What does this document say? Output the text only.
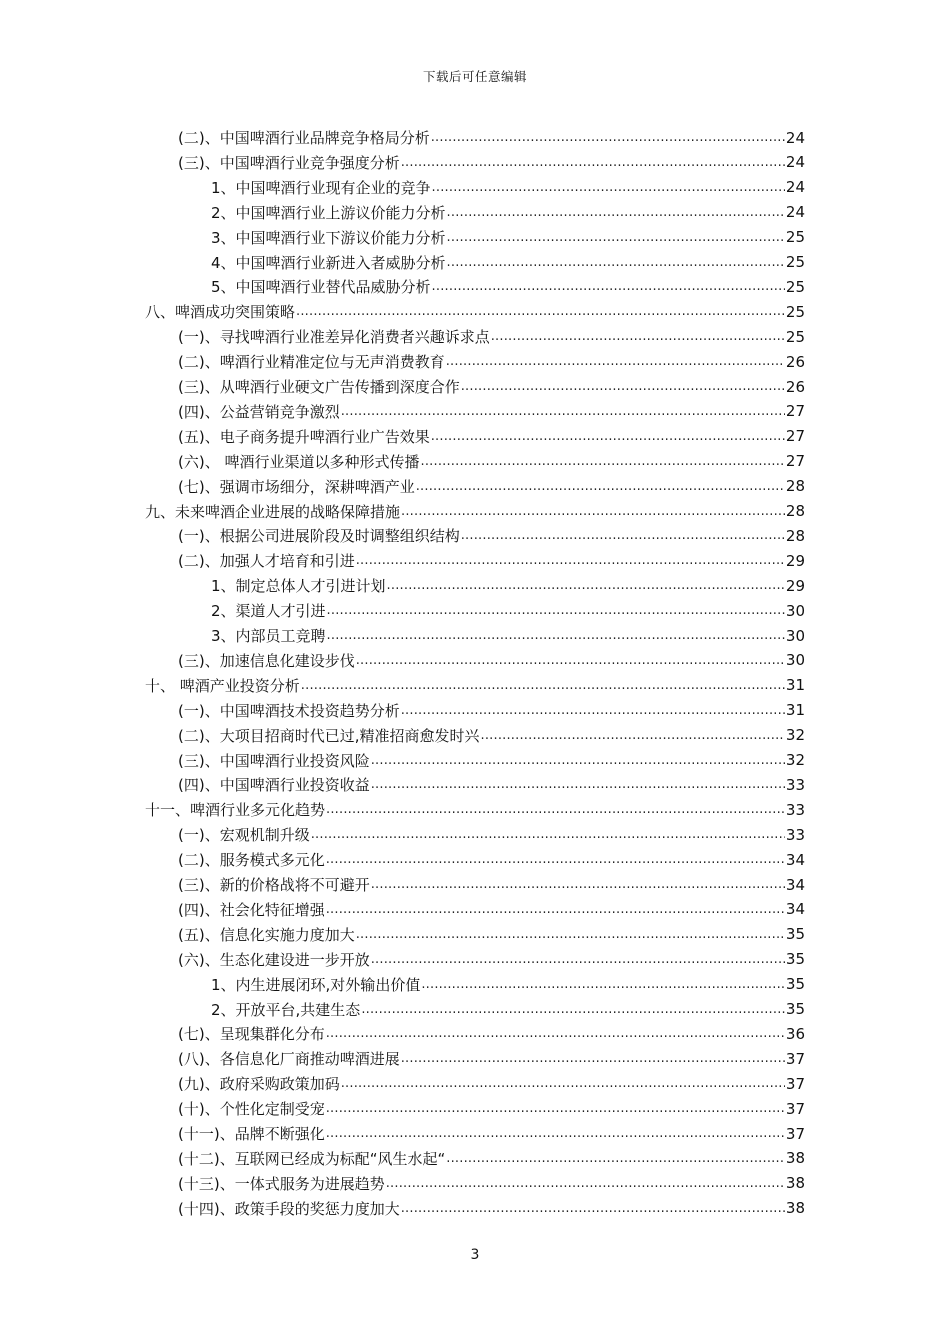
下载后可任意编辑
(二)、中国啤酒行业品牌竞争格局分析 .....	24
(三)、中国啤酒行业竞争强度分析 .....	24
1、中国啤酒行业现有企业的竞争 .....	24
2、中国啤酒行业上游议价能力分析 .....	24
3、中国啤酒行业下游议价能力分析 .....	25
4、中国啤酒行业新进入者威胁分析 .....	25
5、中国啤酒行业替代品威胁分析 .....	25
八、啤酒成功突围策略 .....	25
(一)、寻找啤酒行业准差异化消费者兴趣诉求点 .....	25
(二)、啤酒行业精准定位与无声消费教育 .....	26
(三)、从啤酒行业硬文广告传播到深度合作 .....	26
(四)、公益营销竞争激烈 .....	27
(五)、电子商务提升啤酒行业广告效果 .....	27
(六)、 啤酒行业渠道以多种形式传播 .....	27
(七)、强调市场细分，深耕啤酒产业 .....	28
九、未来啤酒企业进展的战略保障措施 .....	28
(一)、根据公司进展阶段及时调整组织结构 .....	28
(二)、加强人才培育和引进 .....	29
1、制定总体人才引进计划 .....	29
2、渠道人才引进 .....	30
3、内部员工竞聘 .....	30
(三)、加速信息化建设步伐 .....	30
十、 啤酒产业投资分析 .....	31
(一)、中国啤酒技术投资趋势分析 .....	31
(二)、大项目招商时代已过,精准招商愈发时兴 .....	32
(三)、中国啤酒行业投资风险 .....	32
(四)、中国啤酒行业投资收益 .....	33
十一、啤酒行业多元化趋势 .....	33
(一)、宏观机制升级 .....	33
(二)、服务模式多元化 .....	34
(三)、新的价格战将不可避开 .....	34
(四)、社会化特征增强 .....	34
(五)、信息化实施力度加大 .....	35
(六)、生态化建设进一步开放 .....	35
1、内生进展闭环,对外输出价值 .....	35
2、开放平台,共建生态 .....	35
(七)、呈现集群化分布 .....	36
(八)、各信息化厂商推动啤酒进展 .....	37
(九)、政府采购政策加码 .....	37
(十)、个性化定制受宠 .....	37
(十一)、品牌不断强化 .....	37
(十二)、互联网已经成为标配“风生水起“ .....	38
(十三)、一体式服务为进展趋势 .....	38
(十四)、政策手段的奖惩力度加大 .....	38
3
